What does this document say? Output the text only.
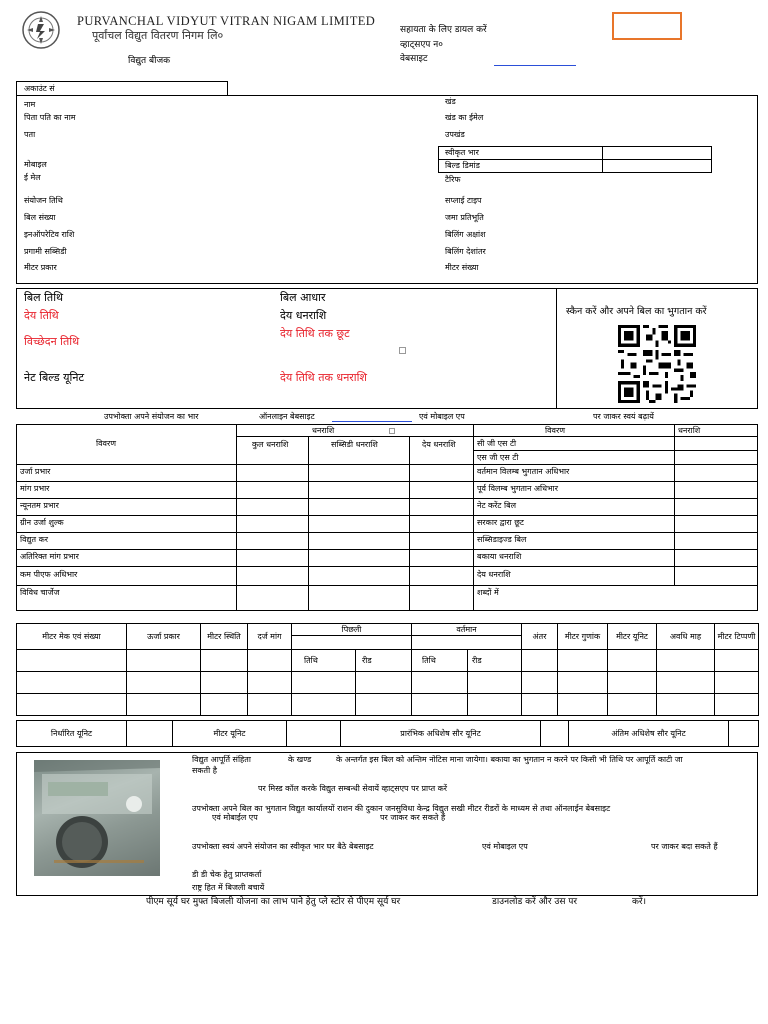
PURVANCHAL VIDYUT VITRAN NIGAM LIMITED
पूर्वांचल विद्युत वितरण निगम लि०
विद्युत बीजक
सहायता के लिए डायल करें
व्हाट्सएप न०
वेबसाइट
अकाउंट सं
नाम
पिता पति का नाम
पता
मोबाइल
ई मेल
संयोजन तिथि
बिल संख्या
इनऑपरेटिव राशि
प्रगामी सब्सिडी
मीटर प्रकार
खंड
खंड का ईमेल
उपखंड
स्वीकृत भार
बिल्ड डिमांड
टैरिफ
सप्लाई टाइप
जमा प्रतिभूति
बिलिंग अक्षांश
बिलिंग देशांतर
मीटर संख्या
बिल तिथि
देय तिथि
विच्छेदन तिथि
नेट बिल्ड यूनिट
बिल आधार
देय धनराशि
देय तिथि तक छूट
देय तिथि तक धनराशि
स्कैन करें और अपने बिल का भुगतान करें
उपभोक्ता अपने संयोजन का भार	ऑनलाइन बेबसाइट	एवं मोबाइल एप	पर जाकर स्वयं बढ़ायें
विवरण
धनराशि
कुल धनराशि	सब्सिडी धनराशि	देय धनराशि
विवरण	धनराशि
उर्जा प्रभार
मांग प्रभार
न्यूनतम प्रभार
ग्रीन उर्जा शुल्क
विद्युत कर
अतिरिक्त मांग प्रभार
कम पीएफ अधिभार
विविध चार्जेज
सी जी एस टी
एस जी एस टी
वर्तमान विलम्ब भुगतान अधिभार
पूर्व विलम्ब भुगतान अधिभार
नेट करेंट बिल
सरकार द्वारा छूट
सब्सिडाइज्ड बिल
बकाया धनराशि
देय धनराशि
शब्दों में
मीटर मेक एवं संख्या	ऊर्जा प्रकार	मीटर स्थिति	दर्ज मांग	पिछली		वर्तमान		अंतर	मीटर गुणांक	मीटर यूनिट	अवधि माह	मीटर टिप्पणी

				तिथि	रीड	तिथि	रीड					

निर्धारित यूनिट		मीटर यूनिट		प्रारंभिक अधिशेष सौर यूनिट		अंतिम अधिशेष सौर यूनिट	
विद्युत आपूर्ति संहिता	के खण्ड	के अन्तर्गत इस बिल को अन्तिम नोटिस माना जायेगा। बकाया का भुगतान न करने पर किसी भी तिथि पर आपूर्ति काटी जा
सकती है
पर मिस्ड कॉल करके विद्युत सम्बन्धी सेवायें व्हाट्सएप पर प्राप्त करें
उपभोक्ता अपने बिल का भुगतान विद्युत कार्यालयों राशन की दुकान जनसुविधा केन्द्र विद्युत सखी मीटर रीडरों के माध्यम से तथा ऑनलाईन बेबसाइट
एवं मोबाईल एप	पर जाकर कर सकते हैं
उपभोक्ता स्वयं अपने संयोजन का स्वीकृत भार घर बैठे बेबसाइट	एवं मोबाइल एप	पर जाकर बदा सकते हैं
डी डी चेक हेतु प्राप्तकर्ता
राष्ट्र हित में बिजली बचायें
पीएम सूर्य घर मुफ्त बिजली योजना का लाभ पाने हेतु प्ले स्टोर से पीएम सूर्य घर	डाउनलोड करें और उस पर	करें।
